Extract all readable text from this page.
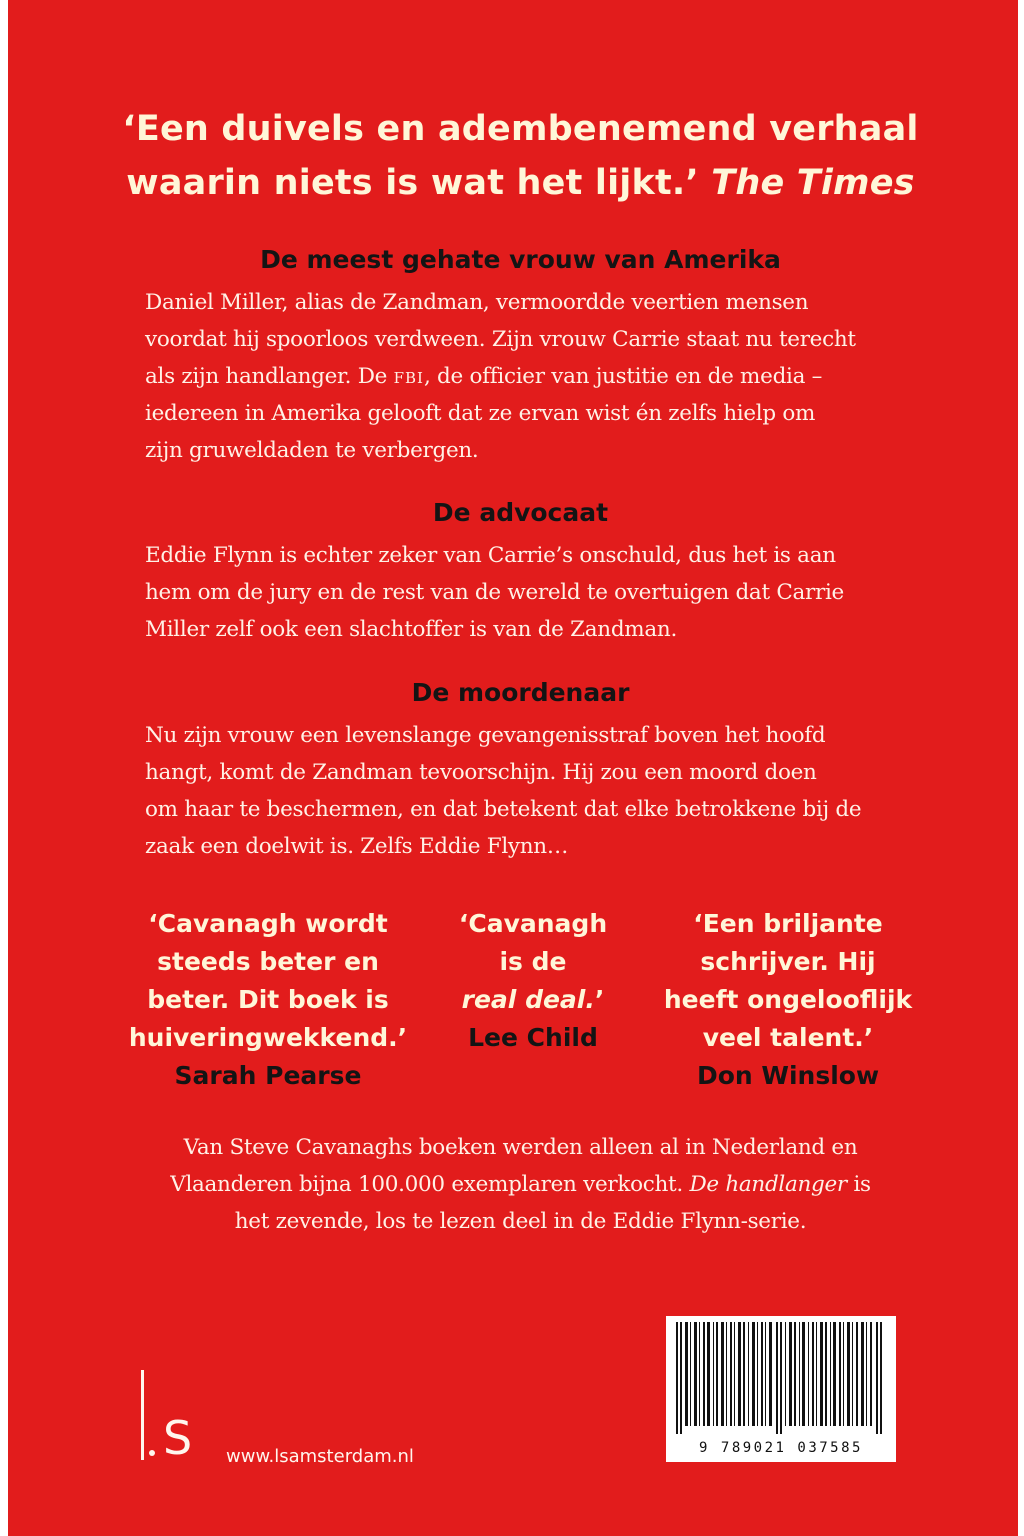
‘Een duivels en adembenemend verhaal
waarin niets is wat het lijkt.’ The Times
De meest gehate vrouw van Amerika
Daniel Miller, alias de Zandman, vermoordde veertien mensen
voordat hij spoorloos verdween. Zijn vrouw Carrie staat nu terecht
als zijn handlanger. De fbi, de officier van justitie en de media –
iedereen in Amerika gelooft dat ze ervan wist én zelfs hielp om
zijn gruweldaden te verbergen.
De advocaat
Eddie Flynn is echter zeker van Carrie’s onschuld, dus het is aan
hem om de jury en de rest van de wereld te overtuigen dat Carrie
Miller zelf ook een slachtoffer is van de Zandman.
De moordenaar
Nu zijn vrouw een levenslange gevangenisstraf boven het hoofd
hangt, komt de Zandman tevoorschijn. Hij zou een moord doen
om haar te beschermen, en dat betekent dat elke betrokkene bij de
zaak een doelwit is. Zelfs Eddie Flynn…
‘Cavanagh wordt
steeds beter en
beter. Dit boek is
huiveringwekkend.’
Sarah Pearse
‘Cavanagh
is de
real deal.’
Lee Child
‘Een briljante
schrijver. Hij
heeft ongelooflijk
veel talent.’
Don Winslow
Van Steve Cavanaghs boeken werden alleen al in Nederland en
Vlaanderen bijna 100.000 exemplaren verkocht. De handlanger is
het zevende, los te lezen deel in de Eddie Flynn-serie.
S www.lsamsterdam.nl	9 789021 037585
